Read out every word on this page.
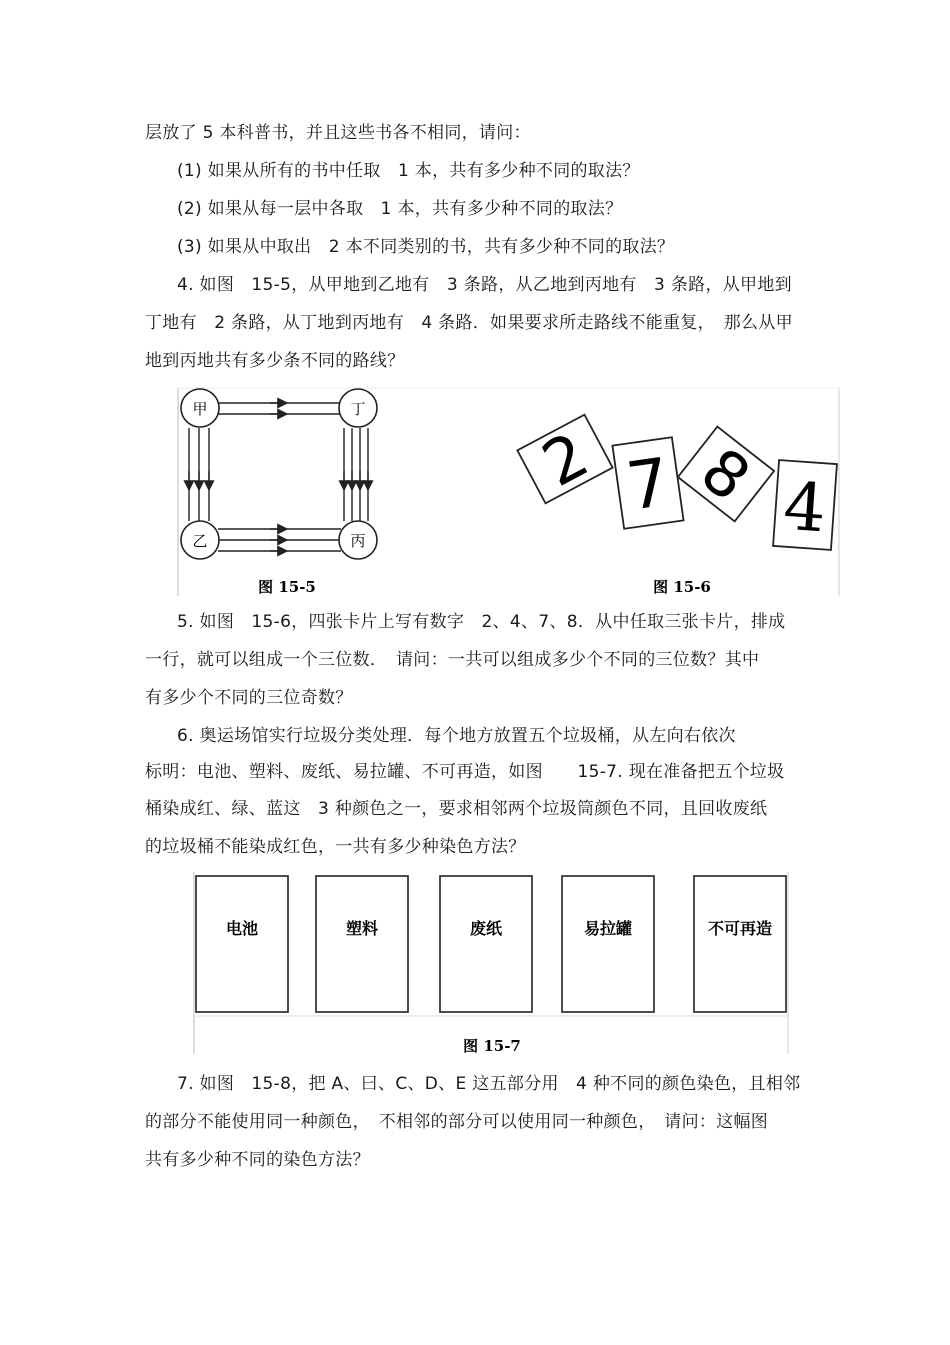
层放了 5 本科普书，并且这些书各不相同，请问：
(1) 如果从所有的书中任取　1 本，共有多少种不同的取法？
(2) 如果从每一层中各取　1 本，共有多少种不同的取法？
(3) 如果从中取出　2 本不同类别的书，共有多少种不同的取法？
4. 如图　15-5，从甲地到乙地有　3 条路，从乙地到丙地有　3 条路，从甲地到
丁地有　2 条路，从丁地到丙地有　4 条路．如果要求所走路线不能重复，　那么从甲
地到丙地共有多少条不同的路线？
甲	丁
乙	丙
图 15-5
2 7 8 4
图 15-6
5. 如图　15-6，四张卡片上写有数字　2、4、7、8．从中任取三张卡片，排成
一行，就可以组成一个三位数．　请问：一共可以组成多少个不同的三位数？其中
有多少个不同的三位奇数？
6. 奥运场馆实行垃圾分类处理．每个地方放置五个垃圾桶，从左向右依次
标明：电池、塑料、废纸、易拉罐、不可再造，如图　　15-7. 现在准备把五个垃圾
桶染成红、绿、蓝这　3 种颜色之一，要求相邻两个垃圾筒颜色不同，且回收废纸
的垃圾桶不能染成红色，一共有多少种染色方法？
电池	塑料	废纸	易拉罐	不可再造
图 15-7
7. 如图　15-8，把 A、曰、C、D、E 这五部分用　4 种不同的颜色染色，且相邻
的部分不能使用同一种颜色，　不相邻的部分可以使用同一种颜色，　请问：这幅图
共有多少种不同的染色方法？
